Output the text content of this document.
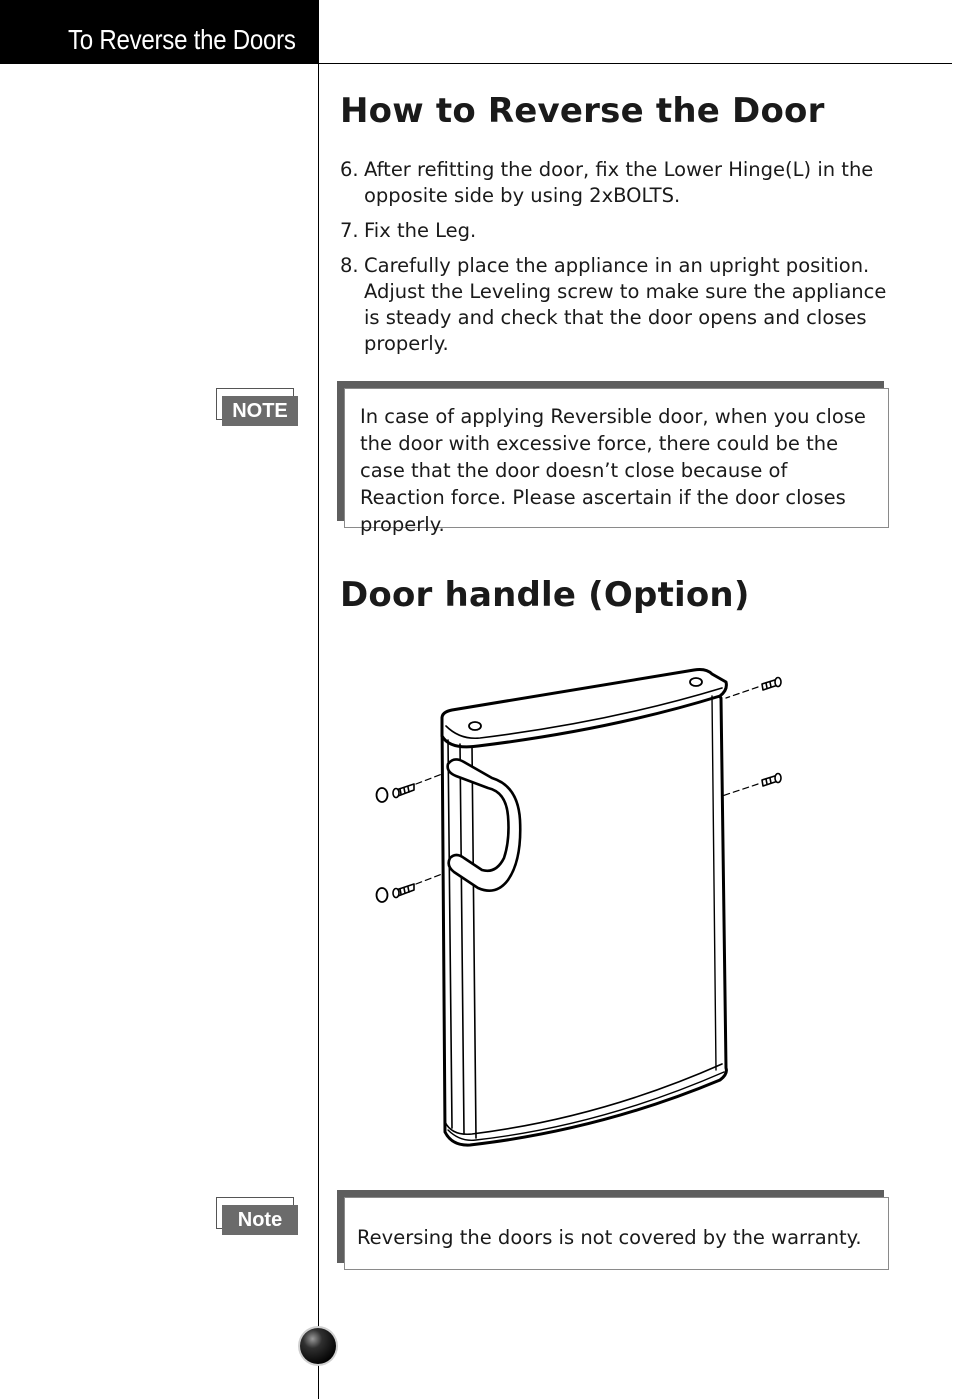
To Reverse the Doors
How to Reverse the Door
6. After refitting the door, fix the Lower Hinge(L) in the opposite side by using 2xBOLTS.
7. Fix the Leg.
8. Carefully place the appliance in an upright position. Adjust the Leveling screw to make sure the appliance is steady and check that the door opens and closes properly.
NOTE	In case of applying Reversible door, when you close the door with excessive force, there could be the case that the door doesn’t close because of Reaction force. Please ascertain if the door closes properly.
Door handle (Option)
Note
Reversing the doors is not covered by the warranty.
